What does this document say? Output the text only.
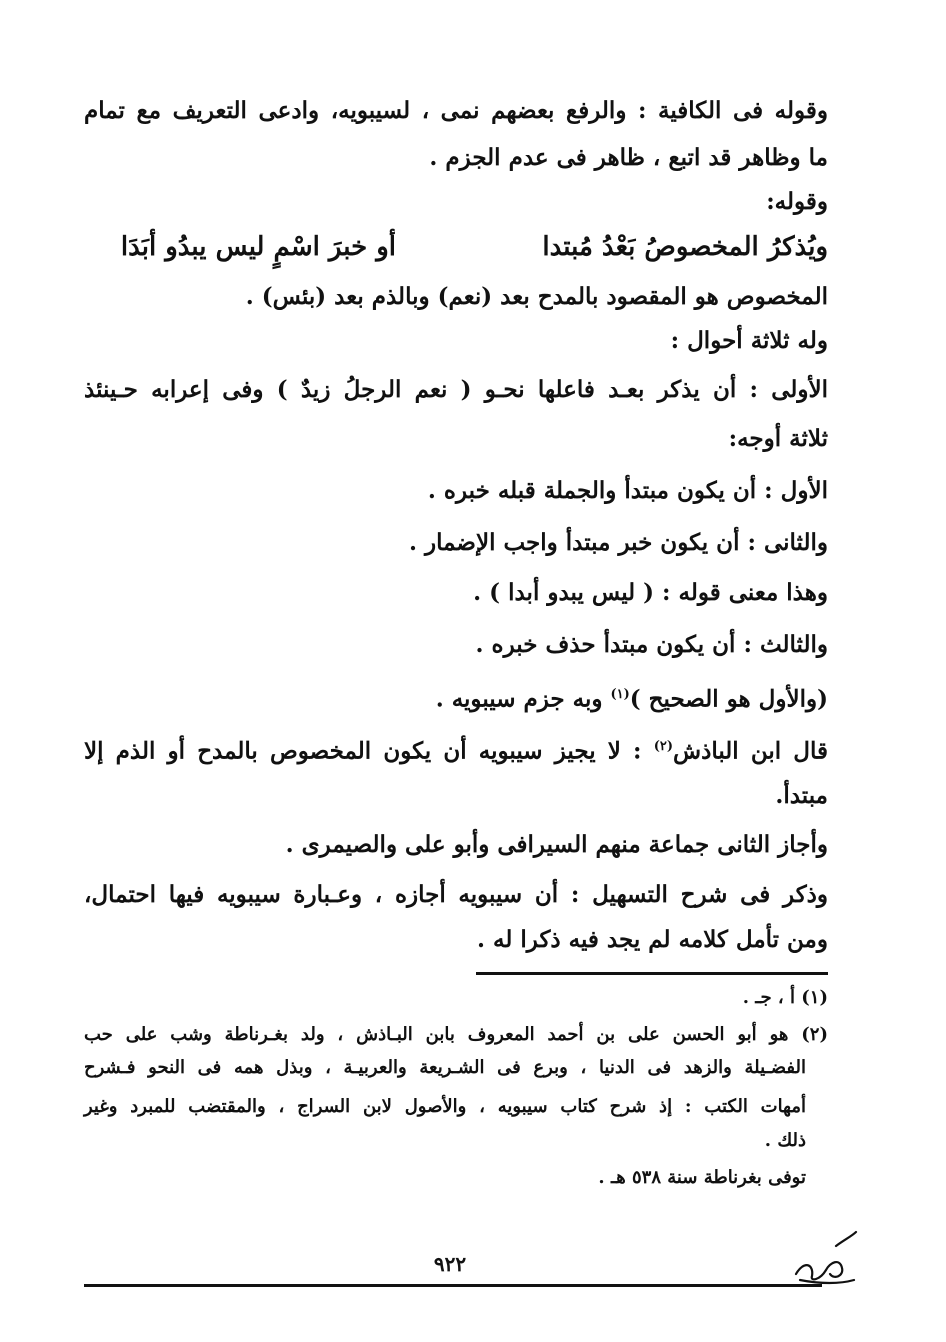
وقوله فى الكافية : والرفع بعضهم نمى ، لسيبويه، وادعى التعريف مع تمام
ما وظاهر قد اتبع ، ظاهر فى عدم الجزم .
وقوله:
ويُذكرُ المخصوصُ بَعْدُ مُبتدا
أو خبرَ اسْمٍ ليس يبدُو أبَدَا
المخصوص هو المقصود بالمدح بعد (نعم) وبالذم بعد (بئس) .
وله ثلاثة أحوال :
الأولى : أن يذكر بعـد فاعلها نحـو ( نعم الرجلُ زيدٌ ) وفى إعرابه حـينئذ
ثلاثة أوجه:
الأول : أن يكون مبتدأ والجملة قبله خبره .
والثانى : أن يكون خبر مبتدأ واجب الإضمار .
وهذا معنى قوله : ( ليس يبدو أبدا ) .
والثالث : أن يكون مبتدأ حذف خبره .
(والأول هو الصحيح )$^{(١)}$ وبه جزم سيبويه .
قال ابن الباذش$^{(٢)}$ : لا يجيز سيبويه أن يكون المخصوص بالمدح أو الذم إلا
مبتدأ.
وأجاز الثانى جماعة منهم السيرافى وأبو على والصيمرى .
وذكر فى شرح التسهيل : أن سيبويه أجازه ، وعـبارة سيبويه فيها احتمال،
ومن تأمل كلامه لم يجد فيه ذكرا له .
(١) أ ، جـ .
(٢) هو أبو الحسن على بن أحمد المعروف بابن البـاذش ، ولد بغـرناطة وشب على حب
الفضـيلة والزهد فى الدنيا ، وبرع فى الشـريعة والعربيـة ، وبذل همه فى النحو فـشرح
أمهات الكتب : إذ شرح كتاب سيبويه ، والأصول لابن السراج ، والمقتضب للمبرد وغير
ذلك .
توفى بغرناطة سنة ٥٣٨ هـ .
٩٢٢
